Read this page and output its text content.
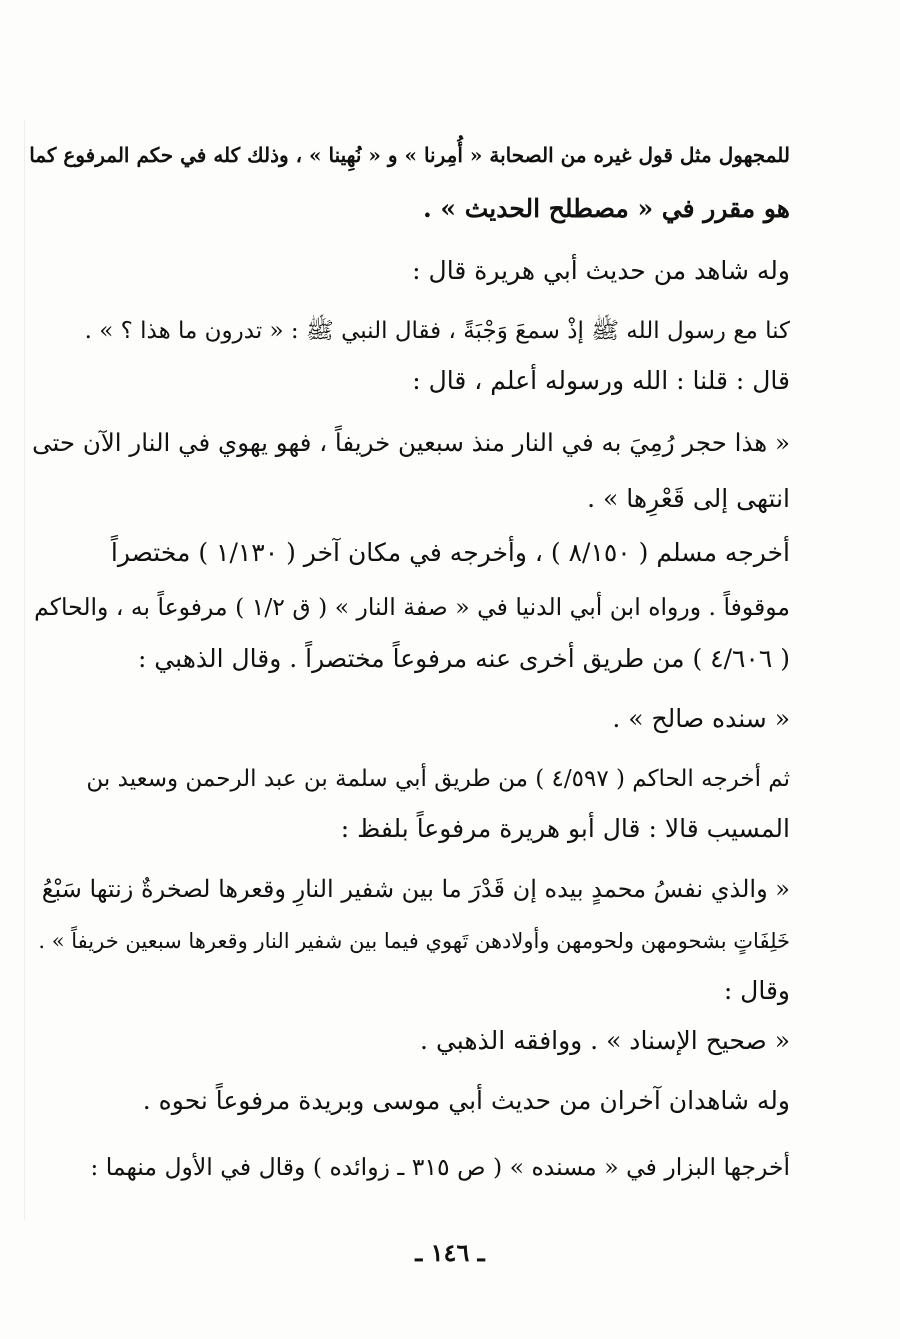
للمجهول مثل قول غيره من الصحابة « أُمِرنا » و « نُهِينا » ، وذلك كله في حكم المرفوع كما
هو مقرر في « مصطلح الحديث » .
وله شاهد من حديث أبي هريرة قال :
كنا مع رسول الله ﷺ إذْ سمعَ وَجْبَةً ، فقال النبي ﷺ : « تدرون ما هذا ؟ » .
قال : قلنا : الله ورسوله أعلم ، قال :
« هذا حجر رُمِيَ به في النار منذ سبعين خريفاً ، فهو يهوي في النار الآن حتى
انتهى إلى قَعْرِها » .
أخرجه مسلم ( ٨/١٥٠ ) ، وأخرجه في مكان آخر ( ١/١٣٠ ) مختصراً
موقوفاً . ورواه ابن أبي الدنيا في « صفة النار » ( ق ١/٢ ) مرفوعاً به ، والحاكم
( ٤/٦٠٦ ) من طريق أخرى عنه مرفوعاً مختصراً . وقال الذهبي :
« سنده صالح » .
ثم أخرجه الحاكم ( ٤/٥٩٧ ) من طريق أبي سلمة بن عبد الرحمن وسعيد بن
المسيب قالا : قال أبو هريرة مرفوعاً بلفظ :
« والذي نفسُ محمدٍ بيده إن قَدْرَ ما بين شفير النارِ وقعرها لصخرةٌ زنتها سَبْعُ
خَلِفَاتٍ بشحومهن ولحومهن وأولادهن تَهوي فيما بين شفير النار وقعرها سبعين خريفاً » .
وقال :
« صحيح الإسناد » . ووافقه الذهبي .
وله شاهدان آخران من حديث أبي موسى وبريدة مرفوعاً نحوه .
أخرجها البزار في « مسنده » ( ص ٣١٥ ـ زوائده ) وقال في الأول منهما :
ـ ١٤٦ ـ
